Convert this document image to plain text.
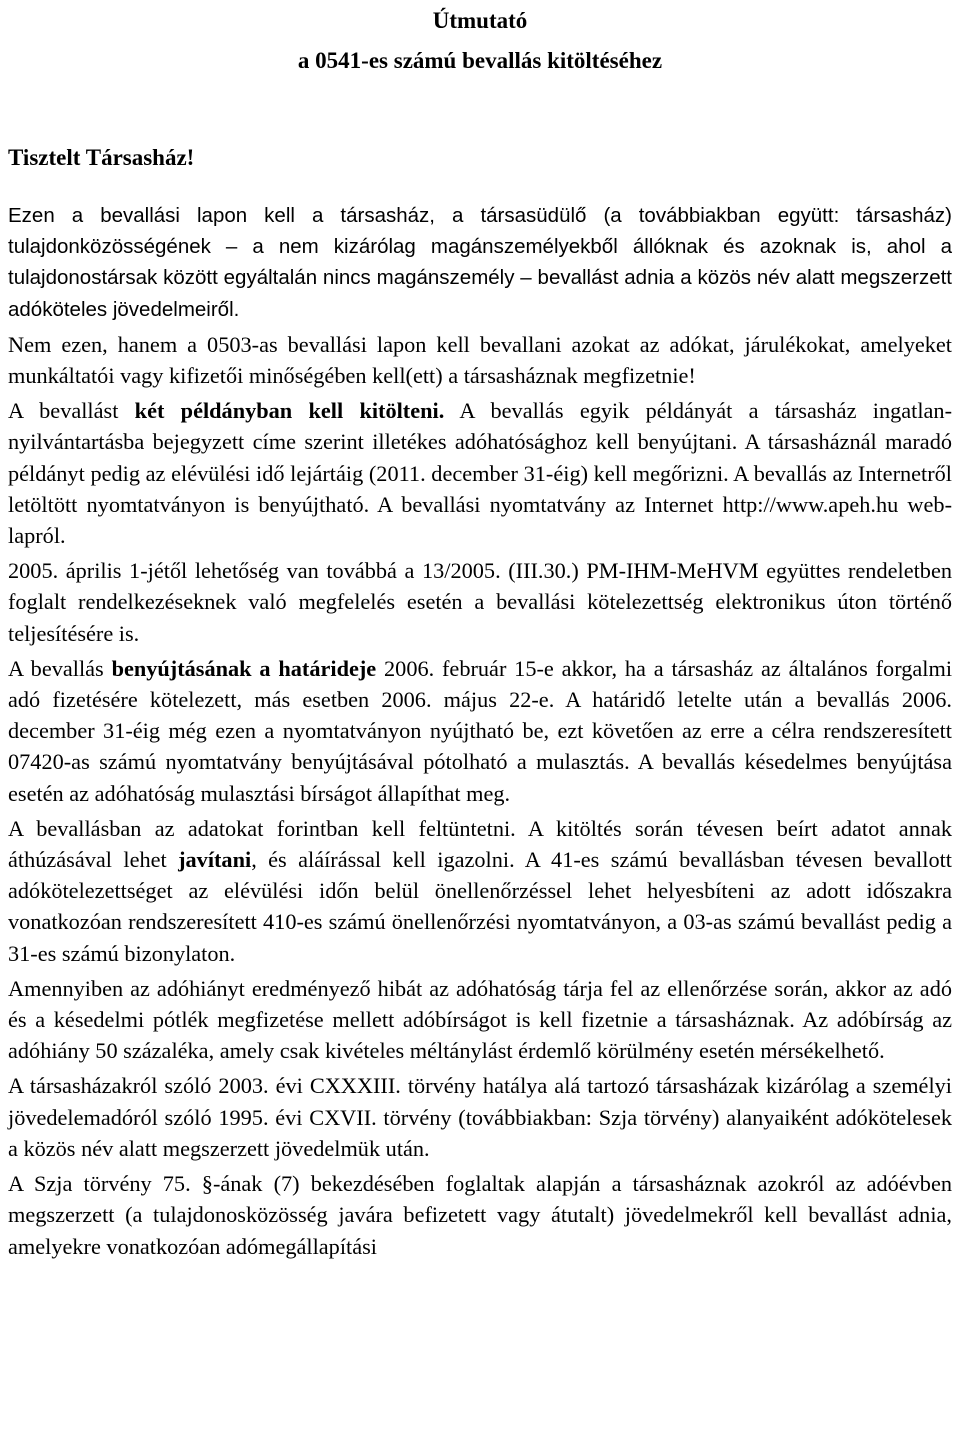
Útmutató
a 0541-es számú bevallás kitöltéséhez

Tisztelt Társasház!

Ezen a bevallási lapon kell a társasház, a társasüdülő (a továbbiakban együtt: társasház) tulajdonközösségének – a nem kizárólag magánszemélyekből állóknak és azoknak is, ahol a tulajdonostársak között egyáltalán nincs magánszemély – bevallást adnia a közös név alatt megszerzett adóköteles jövedelmeiről.

Nem ezen, hanem a 0503-as bevallási lapon kell bevallani azokat az adókat, járulékokat, amelyeket munkáltatói vagy kifizetői minőségében kell(ett) a társasháznak megfizetnie!

A bevallást két példányban kell kitölteni. A bevallás egyik példányát a társasház ingatlan-nyilvántartásba bejegyzett címe szerint illetékes adóhatósághoz kell benyújtani. A társasháznál maradó példányt pedig az elévülési idő lejártáig (2011. december 31-éig) kell megőrizni. A bevallás az Internetről letöltött nyomtatványon is benyújtható. A bevallási nyomtatvány az Internet http://www.apeh.hu web-lapról.

2005. április 1-jétől lehetőség van továbbá a 13/2005. (III.30.) PM-IHM-MeHVM együttes rendeletben foglalt rendelkezéseknek való megfelelés esetén a bevallási kötelezettség elektronikus úton történő teljesítésére is.

A bevallás benyújtásának a határideje 2006. február 15-e akkor, ha a társasház az általános forgalmi adó fizetésére kötelezett, más esetben 2006. május 22-e. A határidő letelte után a bevallás 2006. december 31-éig még ezen a nyomtatványon nyújtható be, ezt követően az erre a célra rendszeresített 07420-as számú nyomtatvány benyújtásával pótolható a mulasztás. A bevallás késedelmes benyújtása esetén az adóhatóság mulasztási bírságot állapíthat meg.

A bevallásban az adatokat forintban kell feltüntetni. A kitöltés során tévesen beírt adatot annak áthúzásával lehet javítani, és aláírással kell igazolni. A 41-es számú bevallásban tévesen bevallott adókötelezettséget az elévülési időn belül önellenőrzéssel lehet helyesbíteni az adott időszakra vonatkozóan rendszeresített 410-es számú önellenőrzési nyomtatványon, a 03-as számú bevallást pedig a 31-es számú bizonylaton.

Amennyiben az adóhiányt eredményező hibát az adóhatóság tárja fel az ellenőrzése során, akkor az adó és a késedelmi pótlék megfizetése mellett adóbírságot is kell fizetnie a társasháznak. Az adóbírság az adóhiány 50 százaléka, amely csak kivételes méltánylást érdemlő körülmény esetén mérsékelhető.

A társasházakról szóló 2003. évi CXXXIII. törvény hatálya alá tartozó társasházak kizárólag a személyi jövedelemadóról szóló 1995. évi CXVII. törvény (továbbiakban: Szja törvény) alanyaiként adókötelesek a közös név alatt megszerzett jövedelmük után.

A Szja törvény 75. §-ának (7) bekezdésében foglaltak alapján a társasháznak azokról az adóévben megszerzett (a tulajdonosközösség javára befizetett vagy átutalt) jövedelmekről kell bevallást adnia, amelyekre vonatkozóan adómegállapítási
